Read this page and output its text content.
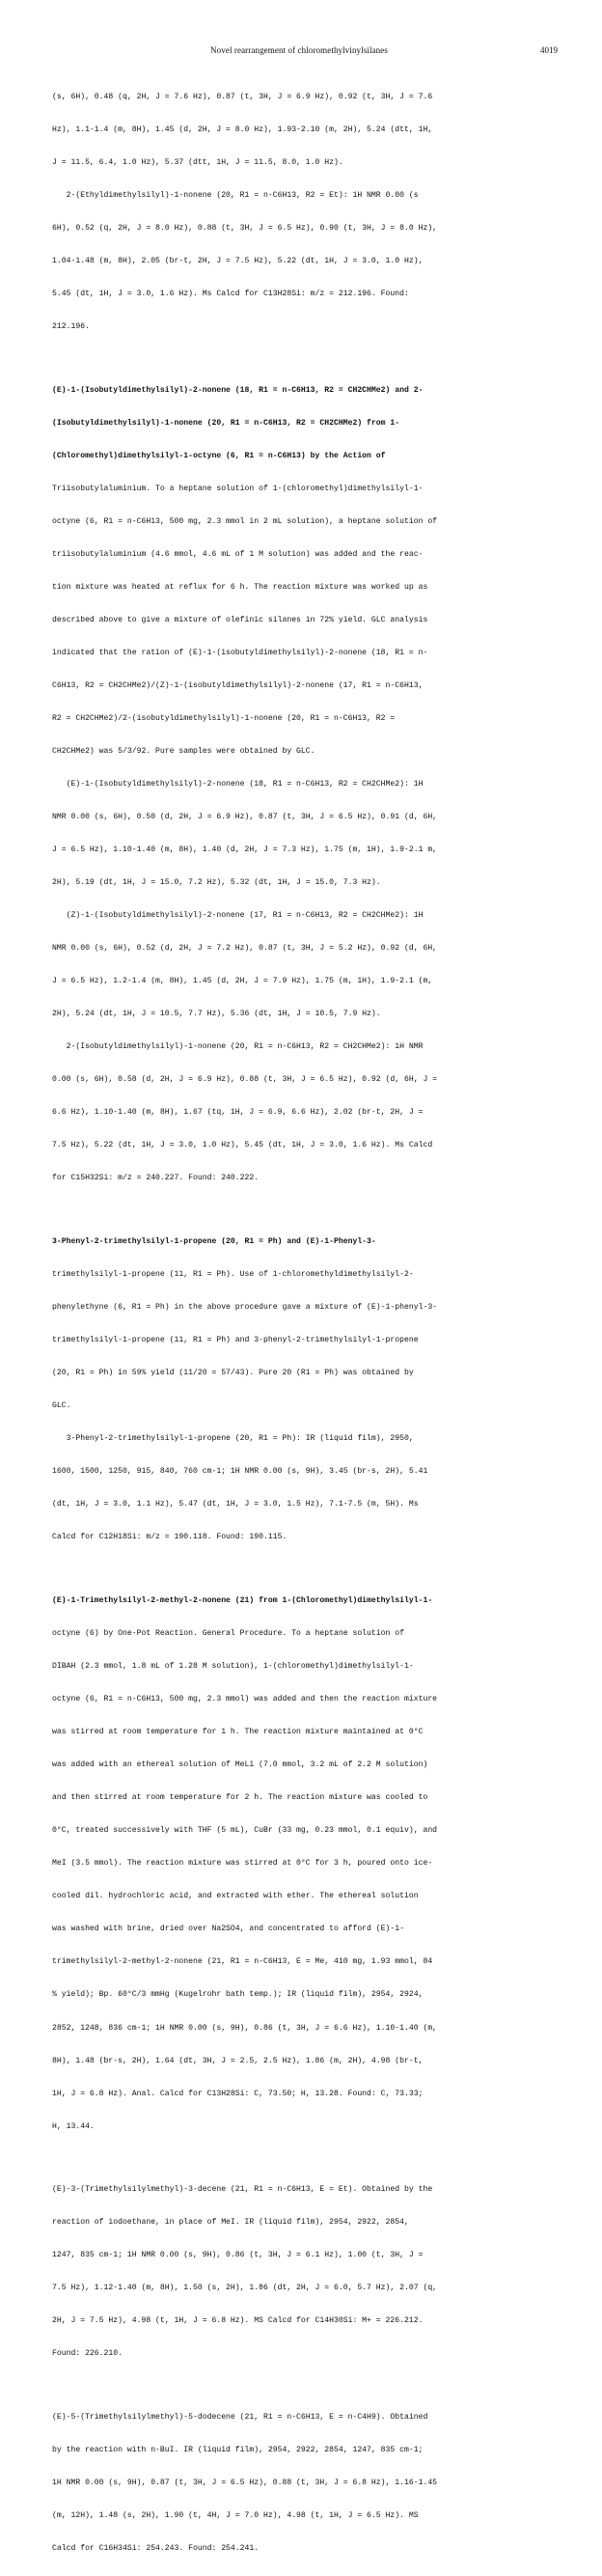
Novel rearrangement of chloromethylvinylsilanes	4019

(s, 6H), 0.48 (q, 2H, J = 7.6 Hz), 0.87 (t, 3H, J = 6.9 Hz), 0.92 (t, 3H, J = 7.6

Hz), 1.1-1.4 (m, 8H), 1.45 (d, 2H, J = 8.0 Hz), 1.93-2.10 (m, 2H), 5.24 (dtt, 1H,

J = 11.5, 6.4, 1.0 Hz), 5.37 (dtt, 1H, J = 11.5, 8.0, 1.0 Hz).

2-(Ethyldimethylsilyl)-1-nonene (20, R1 = n-C6H13, R2 = Et): 1H NMR 0.00 (s

6H), 0.52 (q, 2H, J = 8.0 Hz), 0.88 (t, 3H, J = 6.5 Hz), 0.90 (t, 3H, J = 8.0 Hz),

1.04-1.48 (m, 8H), 2.05 (br-t, 2H, J = 7.5 Hz), 5.22 (dt, 1H, J = 3.0, 1.0 Hz),

5.45 (dt, 1H, J = 3.0, 1.6 Hz). Ms Calcd for C13H28Si: m/z = 212.196. Found:

212.196.

(E)-1-(Isobutyldimethylsilyl)-2-nonene (18, R1 = n-C6H13, R2 = CH2CHMe2) and 2-

(Isobutyldimethylsilyl)-1-nonene (20, R1 = n-C6H13, R2 = CH2CHMe2) from 1-

(Chloromethyl)dimethylsilyl-1-octyne (6, R1 = n-C6H13) by the Action of

Triisobutylaluminium. To a heptane solution of 1-(chloromethyl)dimethylsilyl-1-

octyne (6, R1 = n-C6H13, 500 mg, 2.3 mmol in 2 mL solution), a heptane solution of

triisobutylaluminium (4.6 mmol, 4.6 mL of 1 M solution) was added and the reac-

tion mixture was heated at reflux for 6 h. The reaction mixture was worked up as

described above to give a mixture of olefinic silanes in 72% yield. GLC analysis

indicated that the ration of (E)-1-(isobutyldimethylsilyl)-2-nonene (18, R1 = n-

C6H13, R2 = CH2CHMe2)/(Z)-1-(isobutyldimethylsilyl)-2-nonene (17, R1 = n-C6H13,

R2 = CH2CHMe2)/2-(isobutyldimethylsilyl)-1-nonene (20, R1 = n-C6H13, R2 =

CH2CHMe2) was 5/3/92. Pure samples were obtained by GLC.

(E)-1-(Isobutyldimethylsilyl)-2-nonene (18, R1 = n-C6H13, R2 = CH2CHMe2): 1H

NMR 0.00 (s, 6H), 0.50 (d, 2H, J = 6.9 Hz), 0.87 (t, 3H, J = 6.5 Hz), 0.91 (d, 6H,

J = 6.5 Hz), 1.10-1.40 (m, 8H), 1.40 (d, 2H, J = 7.3 Hz), 1.75 (m, 1H), 1.9-2.1 m,

2H), 5.19 (dt, 1H, J = 15.0, 7.2 Hz), 5.32 (dt, 1H, J = 15.0, 7.3 Hz).

(Z)-1-(Isobutyldimethylsilyl)-2-nonene (17, R1 = n-C6H13, R2 = CH2CHMe2): 1H

NMR 0.00 (s, 6H), 0.52 (d, 2H, J = 7.2 Hz), 0.87 (t, 3H, J = 5.2 Hz), 0.92 (d, 6H,

J = 6.5 Hz), 1.2-1.4 (m, 8H), 1.45 (d, 2H, J = 7.9 Hz), 1.75 (m, 1H), 1.9-2.1 (m,

2H), 5.24 (dt, 1H, J = 10.5, 7.7 Hz), 5.36 (dt, 1H, J = 10.5, 7.9 Hz).

2-(Isobutyldimethylsilyl)-1-nonene (20, R1 = n-C6H13, R2 = CH2CHMe2): 1H NMR

0.00 (s, 6H), 0.58 (d, 2H, J = 6.9 Hz), 0.88 (t, 3H, J = 6.5 Hz), 0.92 (d, 6H, J =

6.6 Hz), 1.10-1.40 (m, 8H), 1.67 (tq, 1H, J = 6.9, 6.6 Hz), 2.02 (br-t, 2H, J =

7.5 Hz), 5.22 (dt, 1H, J = 3.0, 1.0 Hz), 5.45 (dt, 1H, J = 3.0, 1.6 Hz). Ms Calcd

for C15H32Si: m/z = 240.227. Found: 240.222.

3-Phenyl-2-trimethylsilyl-1-propene (20, R1 = Ph) and (E)-1-Phenyl-3-

trimethylsilyl-1-propene (11, R1 = Ph). Use of 1-chloromethyldimethylsilyl-2-

phenylethyne (6, R1 = Ph) in the above procedure gave a mixture of (E)-1-phenyl-3-

trimethylsilyl-1-propene (11, R1 = Ph) and 3-phenyl-2-trimethylsilyl-1-propene

(20, R1 = Ph) in 59% yield (11/20 = 57/43). Pure 20 (R1 = Ph) was obtained by

GLC.

3-Phenyl-2-trimethylsilyl-1-propene (20, R1 = Ph): IR (liquid film), 2950,

1600, 1500, 1250, 915, 840, 760 cm-1; 1H NMR 0.00 (s, 9H), 3.45 (br-s, 2H), 5.41

(dt, 1H, J = 3.0, 1.1 Hz), 5.47 (dt, 1H, J = 3.0, 1.5 Hz), 7.1-7.5 (m, 5H). Ms

Calcd for C12H18Si: m/z = 190.118. Found: 190.115.

(E)-1-Trimethylsilyl-2-methyl-2-nonene (21) from 1-(Chloromethyl)dimethylsilyl-1-

octyne (6) by One-Pot Reaction. General Procedure. To a heptane solution of

DIBAH (2.3 mmol, 1.8 mL of 1.28 M solution), 1-(chloromethyl)dimethylsilyl-1-

octyne (6, R1 = n-C6H13, 500 mg, 2.3 mmol) was added and then the reaction mixture

was stirred at room temperature for 1 h. The reaction mixture maintained at 0°C

was added with an ethereal solution of MeLi (7.0 mmol, 3.2 mL of 2.2 M solution)

and then stirred at room temperature for 2 h. The reaction mixture was cooled to

0°C, treated successively with THF (5 mL), CuBr (33 mg, 0.23 mmol, 0.1 equiv), and

MeI (3.5 mmol). The reaction mixture was stirred at 0°C for 3 h, poured onto ice-

cooled dil. hydrochloric acid, and extracted with ether. The ethereal solution

was washed with brine, dried over Na2SO4, and concentrated to afford (E)-1-

trimethylsilyl-2-methyl-2-nonene (21, R1 = n-C6H13, E = Me, 410 mg, 1.93 mmol, 84

% yield); Bp. 60°C/3 mmHg (Kugelrohr bath temp.); IR (liquid film), 2954, 2924,

2852, 1248, 836 cm-1; 1H NMR 0.00 (s, 9H), 0.86 (t, 3H, J = 6.6 Hz), 1.10-1.40 (m,

8H), 1.48 (br-s, 2H), 1.64 (dt, 3H, J = 2.5, 2.5 Hz), 1.86 (m, 2H), 4.98 (br-t,

1H, J = 6.8 Hz). Anal. Calcd for C13H28Si: C, 73.50; H, 13.28. Found: C, 73.33;

H, 13.44.

(E)-3-(Trimethylsilylmethyl)-3-decene (21, R1 = n-C6H13, E = Et). Obtained by the

reaction of iodoethane, in place of MeI. IR (liquid film), 2954, 2922, 2854,

1247, 835 cm-1; 1H NMR 0.00 (s, 9H), 0.86 (t, 3H, J = 6.1 Hz), 1.00 (t, 3H, J =

7.5 Hz), 1.12-1.40 (m, 8H), 1.50 (s, 2H), 1.86 (dt, 2H, J = 6.0, 5.7 Hz), 2.07 (q,

2H, J = 7.5 Hz), 4.98 (t, 1H, J = 6.8 Hz). MS Calcd for C14H30Si: M+ = 226.212.

Found: 226.210.

(E)-5-(Trimethylsilylmethyl)-5-dodecene (21, R1 = n-C6H13, E = n-C4H9). Obtained

by the reaction with n-BuI. IR (liquid film), 2954, 2922, 2854, 1247, 835 cm-1;

1H NMR 0.00 (s, 9H), 0.87 (t, 3H, J = 6.5 Hz), 0.88 (t, 3H, J = 6.8 Hz), 1.16-1.45

(m, 12H), 1.48 (s, 2H), 1.90 (t, 4H, J = 7.0 Hz), 4.98 (t, 1H, J = 6.5 Hz). MS

Calcd for C16H34Si: 254.243. Found: 254.241.
